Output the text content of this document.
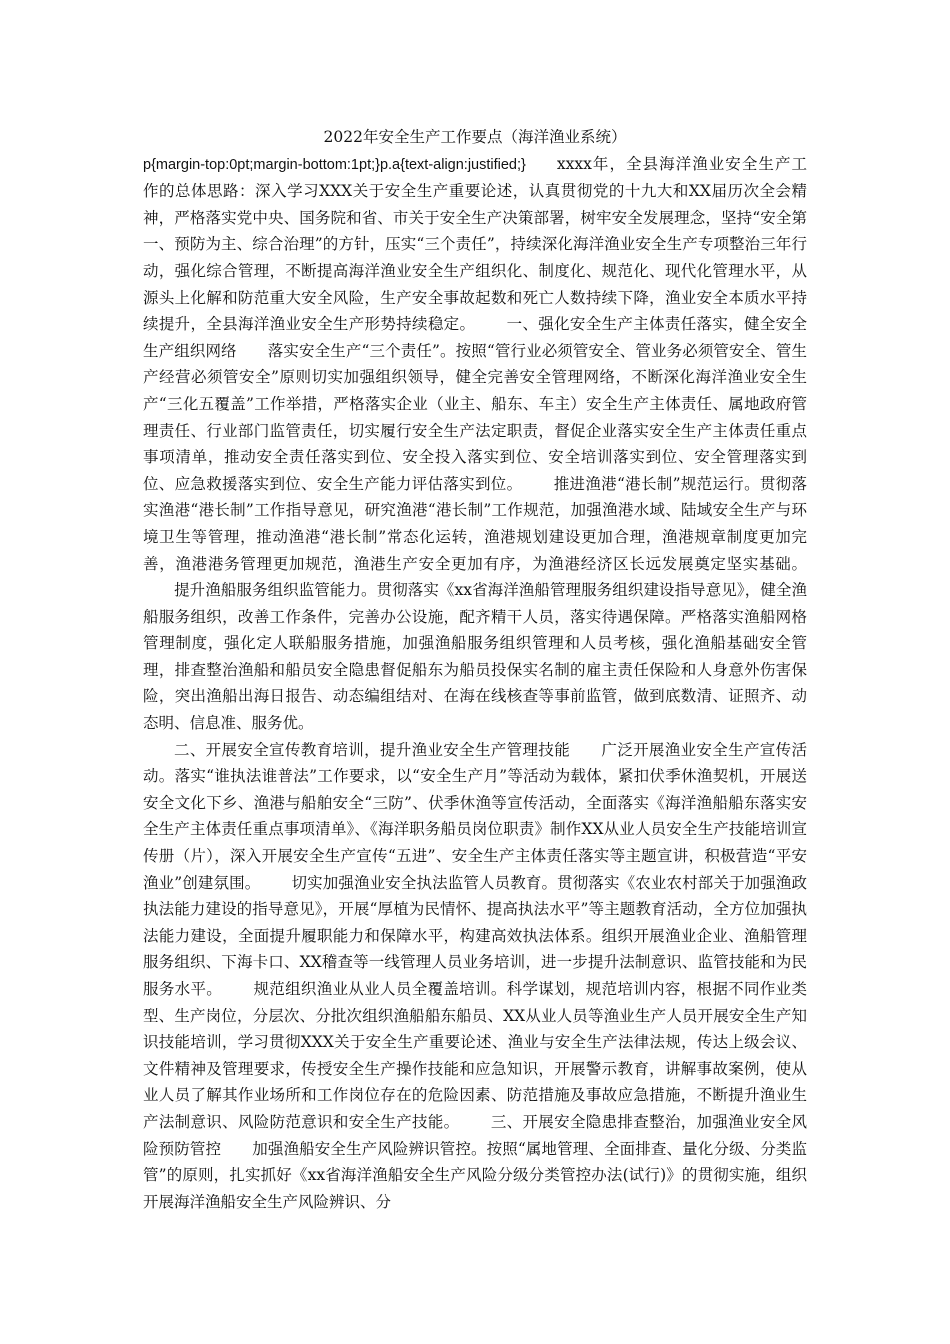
2022年安全生产工作要点（海洋渔业系统）

p{margin-top:0pt;margin-bottom:1pt;}p.a{text-align:justified;} xxxx年，全县海洋渔业安全生产工作的总体思路：深入学习XXX关于安全生产重要论述，认真贯彻党的十九大和XX届历次全会精神，严格落实党中央、国务院和省、市关于安全生产决策部署，树牢安全发展理念，坚持“安全第一、预防为主、综合治理”的方针，压实“三个责任”，持续深化海洋渔业安全生产专项整治三年行动，强化综合管理，不断提高海洋渔业安全生产组织化、制度化、规范化、现代化管理水平，从源头上化解和防范重大安全风险，生产安全事故起数和死亡人数持续下降，渔业安全本质水平持续提升，全县海洋渔业安全生产形势持续稳定。 一、强化安全生产主体责任落实，健全安全生产组织网络 落实安全生产“三个责任”。按照“管行业必须管安全、管业务必须管安全、管生产经营必须管安全”原则切实加强组织领导，健全完善安全管理网络，不断深化海洋渔业安全生产“三化五覆盖”工作举措，严格落实企业（业主、船东、车主）安全生产主体责任、属地政府管理责任、行业部门监管责任，切实履行安全生产法定职责，督促企业落实安全生产主体责任重点事项清单，推动安全责任落实到位、安全投入落实到位、安全培训落实到位、安全管理落实到位、应急救援落实到位、安全生产能力评估落实到位。 推进渔港“港长制”规范运行。贯彻落实渔港“港长制”工作指导意见，研究渔港“港长制”工作规范，加强渔港水域、陆域安全生产与环境卫生等管理，推动渔港“港长制”常态化运转，渔港规划建设更加合理，渔港规章制度更加完善，渔港港务管理更加规范，渔港生产安全更加有序，为渔港经济区长远发展奠定坚实基础。提升渔船服务组织监管能力。贯彻落实《xx省海洋渔船管理服务组织建设指导意见》，健全渔船服务组织，改善工作条件，完善办公设施，配齐精干人员，落实待遇保障。严格落实渔船网格管理制度，强化定人联船服务措施，加强渔船服务组织管理和人员考核，强化渔船基础安全管理，排查整治渔船和船员安全隐患督促船东为船员投保实名制的雇主责任保险和人身意外伤害保险，突出渔船出海日报告、动态编组结对、在海在线核查等事前监管，做到底数清、证照齐、动态明、信息准、服务优。

二、开展安全宣传教育培训，提升渔业安全生产管理技能 广泛开展渔业安全生产宣传活动。落实“谁执法谁普法”工作要求，以“安全生产月”等活动为载体，紧扣伏季休渔契机，开展送安全文化下乡、渔港与船舶安全“三防”、伏季休渔等宣传活动，全面落实《海洋渔船船东落实安全生产主体责任重点事项清单》、《海洋职务船员岗位职责》制作XX从业人员安全生产技能培训宣传册（片），深入开展安全生产宣传“五进”、安全生产主体责任落实等主题宣讲，积极营造“平安渔业”创建氛围。 切实加强渔业安全执法监管人员教育。贯彻落实《农业农村部关于加强渔政执法能力建设的指导意见》，开展“厚植为民情怀、提高执法水平”等主题教育活动，全方位加强执法能力建设，全面提升履职能力和保障水平，构建高效执法体系。组织开展渔业企业、渔船管理服务组织、下海卡口、XX稽查等一线管理人员业务培训，进一步提升法制意识、监管技能和为民服务水平。 规范组织渔业从业人员全覆盖培训。科学谋划，规范培训内容，根据不同作业类型、生产岗位，分层次、分批次组织渔船船东船员、XX从业人员等渔业生产人员开展安全生产知识技能培训，学习贯彻XXX关于安全生产重要论述、渔业与安全生产法律法规，传达上级会议、文件精神及管理要求，传授安全生产操作技能和应急知识，开展警示教育，讲解事故案例，使从业人员了解其作业场所和工作岗位存在的危险因素、防范措施及事故应急措施，不断提升渔业生产法制意识、风险防范意识和安全生产技能。 三、开展安全隐患排查整治，加强渔业安全风险预防管控 加强渔船安全生产风险辨识管控。按照“属地管理、全面排查、量化分级、分类监管”的原则，扎实抓好《xx省海洋渔船安全生产风险分级分类管控办法(试行)》的贯彻实施，组织开展海洋渔船安全生产风险辨识、分
